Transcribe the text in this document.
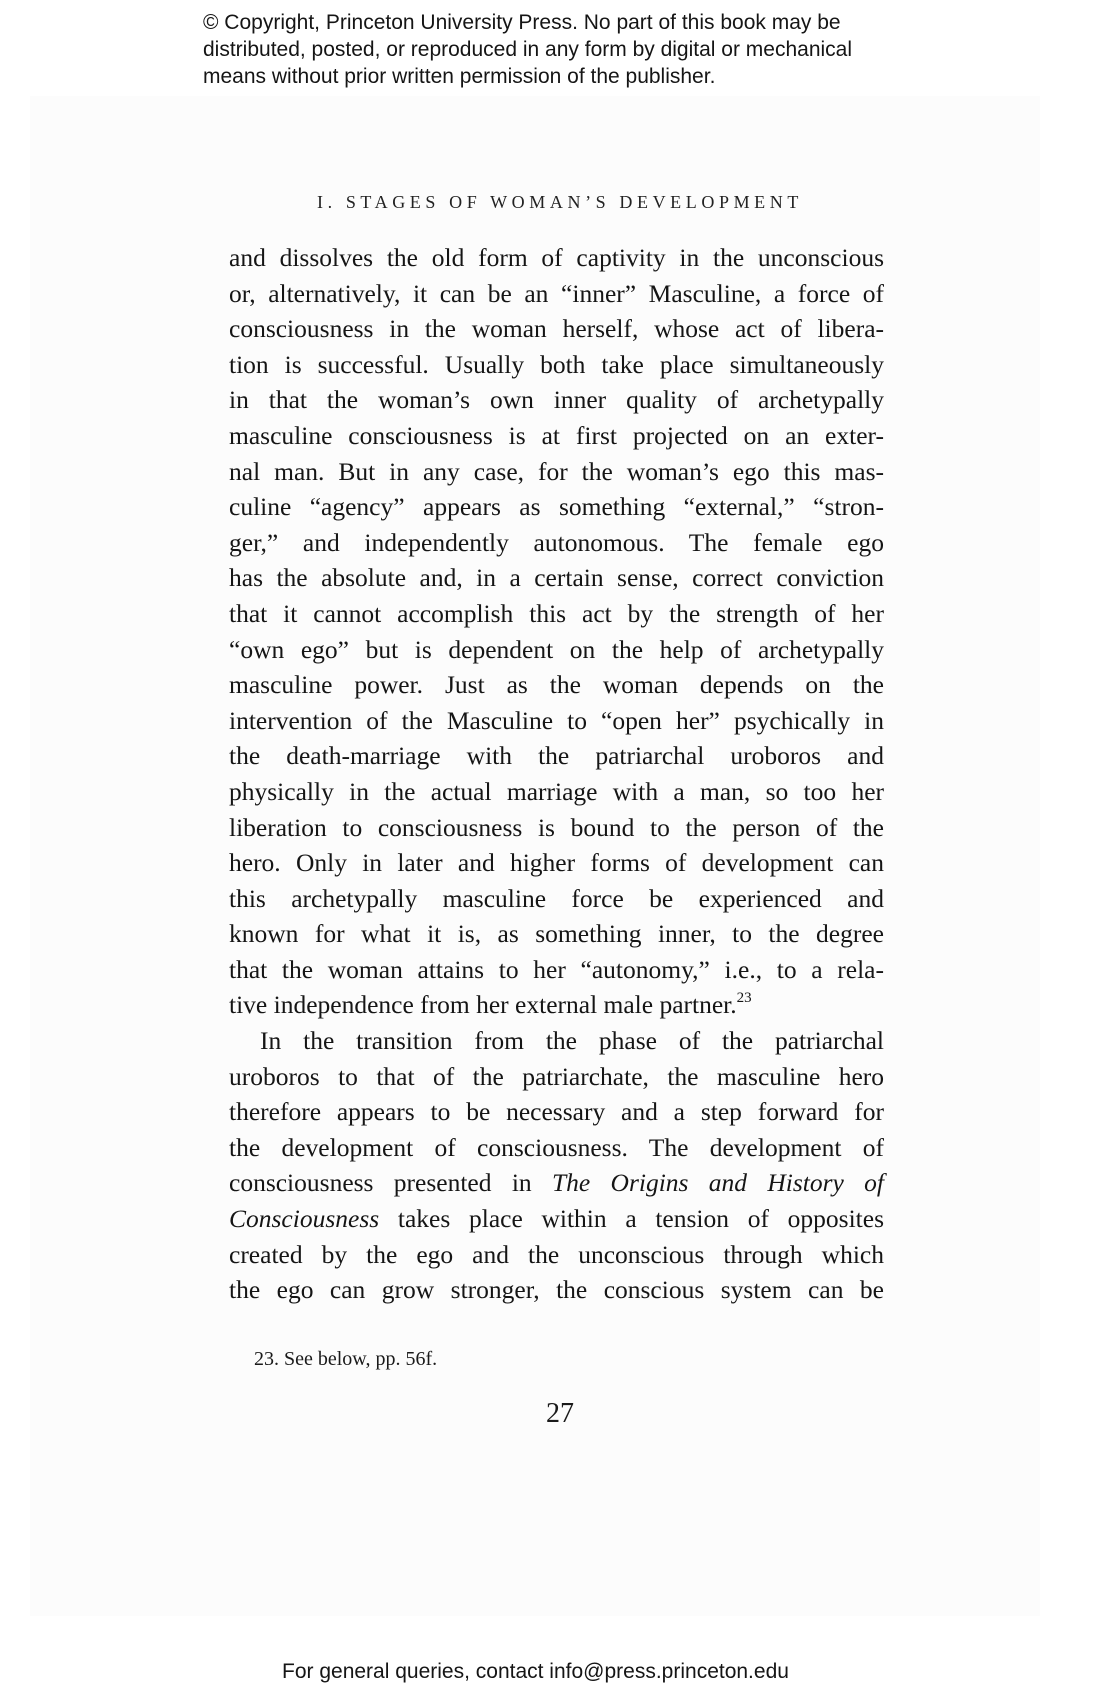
© Copyright, Princeton University Press. No part of this book may be
distributed, posted, or reproduced in any form by digital or mechanical
means without prior written permission of the publisher.
I. STAGES OF WOMAN’S DEVELOPMENT
and dissolves the old form of captivity in the unconscious
or, alternatively, it can be an “inner” Masculine, a force of
consciousness in the woman herself, whose act of libera-
tion is successful. Usually both take place simultaneously
in that the woman’s own inner quality of archetypally
masculine consciousness is at first projected on an exter-
nal man. But in any case, for the woman’s ego this mas-
culine “agency” appears as something “external,” “stron-
ger,” and independently autonomous. The female ego
has the absolute and, in a certain sense, correct conviction
that it cannot accomplish this act by the strength of her
“own ego” but is dependent on the help of archetypally
masculine power. Just as the woman depends on the
intervention of the Masculine to “open her” psychically in
the death-marriage with the patriarchal uroboros and
physically in the actual marriage with a man, so too her
liberation to consciousness is bound to the person of the
hero. Only in later and higher forms of development can
this archetypally masculine force be experienced and
known for what it is, as something inner, to the degree
that the woman attains to her “autonomy,” i.e., to a rela-
tive independence from her external male partner.$^{23}$
In the transition from the phase of the patriarchal
uroboros to that of the patriarchate, the masculine hero
therefore appears to be necessary and a step forward for
the development of consciousness. The development of
consciousness presented in The Origins and History of
Consciousness takes place within a tension of opposites
created by the ego and the unconscious through which
the ego can grow stronger, the conscious system can be
23. See below, pp. 56f.
27
For general queries, contact info@press.princeton.edu
